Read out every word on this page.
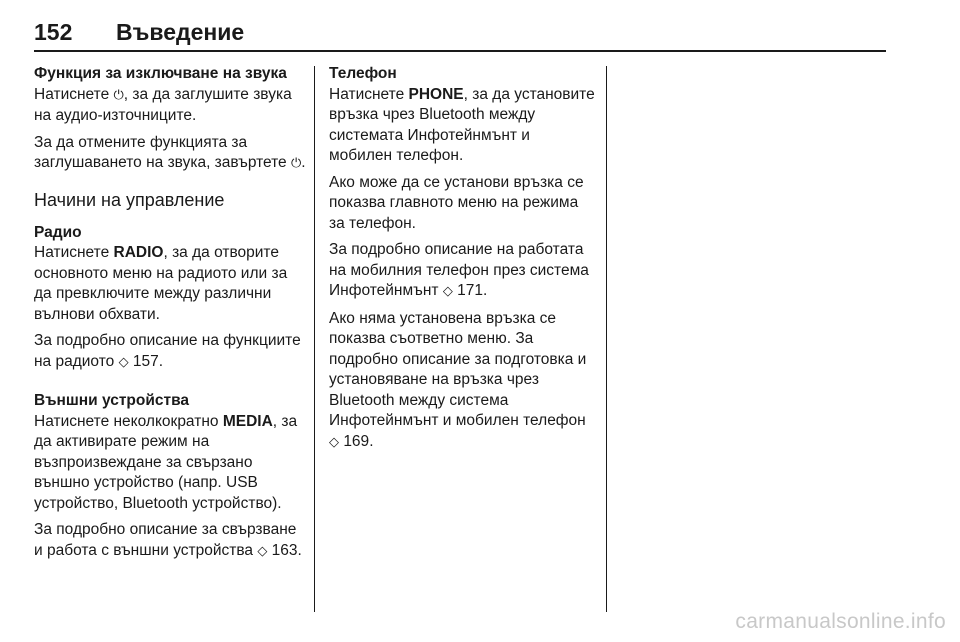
152	Въведение
Функция за изключване на звука

Натиснете ⏻, за да заглушите звука на аудио-източниците.

За да отмените функцията за заглушаването на звука, завъртете ⏻.

Начини на управление
Радио

Натиснете RADIO, за да отворите основното меню на радиото или за да превключите между различни вълнови обхвати.

За подробно описание на функциите на радиото ◇ 157.

Външни устройства

Натиснете неколкократно MEDIA, за да активирате режим на възпроизвеждане за свързано външно устройство (напр. USB устройство, Bluetooth устройство).

За подробно описание за свързване и работа с външни устройства ◇ 163.

Телефон

Натиснете PHONE, за да установите връзка чрез Bluetooth между системата Инфотейнмънт и мобилен телефон.

Ако може да се установи връзка се показва главното меню на режима за телефон.

За подробно описание на работата на мобилния телефон през система Инфотейнмънт ◇ 171.

Ако няма установена връзка се показва съответно меню. За подробно описание за подготовка и установяване на връзка чрез Bluetooth между система Инфотейнмънт и мобилен телефон ◇ 169.

carmanualsonline.info
